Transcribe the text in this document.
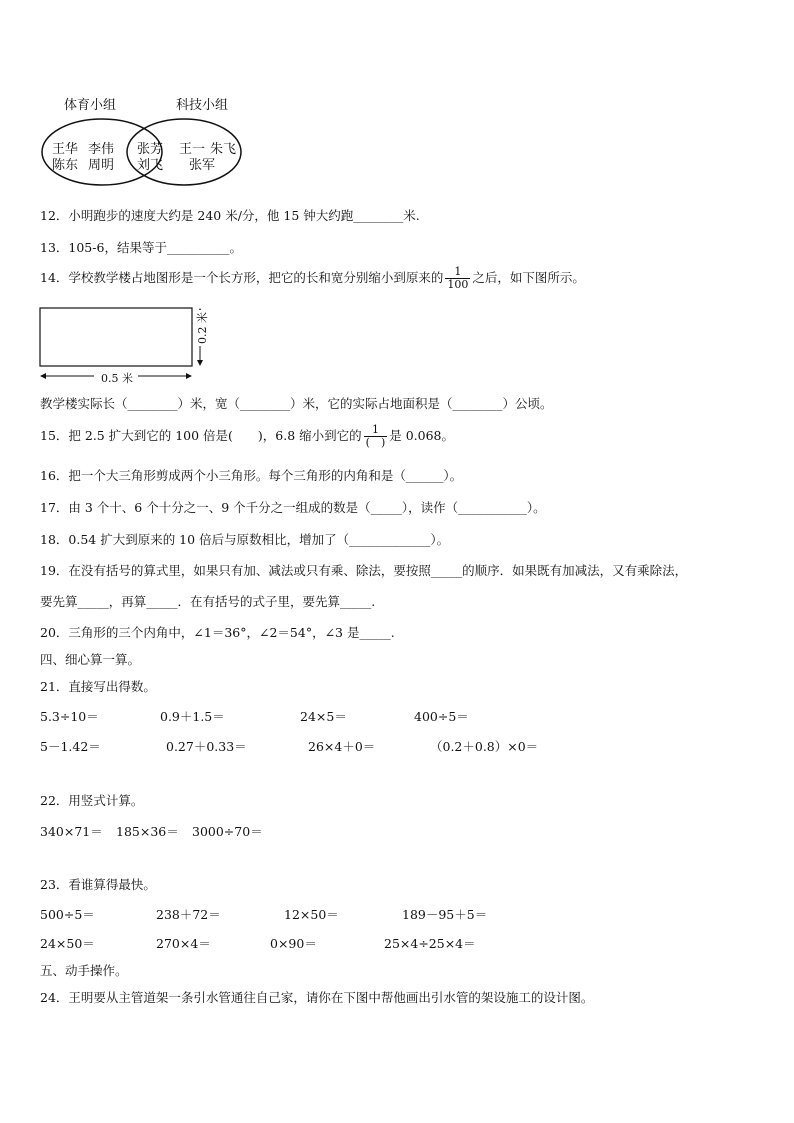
体育小组	科技小组
王华 李伟
陈东 周明
张芳
刘飞
王一 朱飞
张军
12．小明跑步的速度大约是 240 米/分，他 15 钟大约跑________米.
13．105-6，结果等于__________。
14．学校教学楼占地图形是一个长方形，把它的长和宽分别缩小到原来的 $\frac{1}{100}$ 之后，如下图所示。
0.5 米
0.2 米
教学楼实际长（________）米，宽（________）米，它的实际占地面积是（________）公顷。
15．把 2.5 扩大到它的 100 倍是(　　)，6.8 缩小到它的 $\frac{1}{( )}$ 是 0.068。
16．把一个大三角形剪成两个小三角形。每个三角形的内角和是（______）。
17．由 3 个十、6 个十分之一、9 个千分之一组成的数是（_____），读作（___________）。
18．0.54 扩大到原来的 10 倍后与原数相比，增加了（_____________）。
19．在没有括号的算式里，如果只有加、减法或只有乘、除法，要按照_____的顺序．如果既有加减法，又有乘除法，
要先算_____，再算_____．在有括号的式子里，要先算_____.
20．三角形的三个内角中，∠1＝36°，∠2＝54°，∠3 是_____.
四、细心算一算。
21．直接写出得数。
5.3÷10＝	0.9＋1.5＝	24×5＝	400÷5＝
5－1.42＝	0.27＋0.33＝	26×4＋0＝	（0.2＋0.8）×0＝
22．用竖式计算。
340×71＝ 185×36＝ 3000÷70＝
23．看谁算得最快。
500÷5＝	238＋72＝	12×50＝	189－95＋5＝
24×50＝	270×4＝	0×90＝	25×4÷25×4＝
五、动手操作。
24．王明要从主管道架一条引水管通往自己家，请你在下图中帮他画出引水管的架设施工的设计图。
